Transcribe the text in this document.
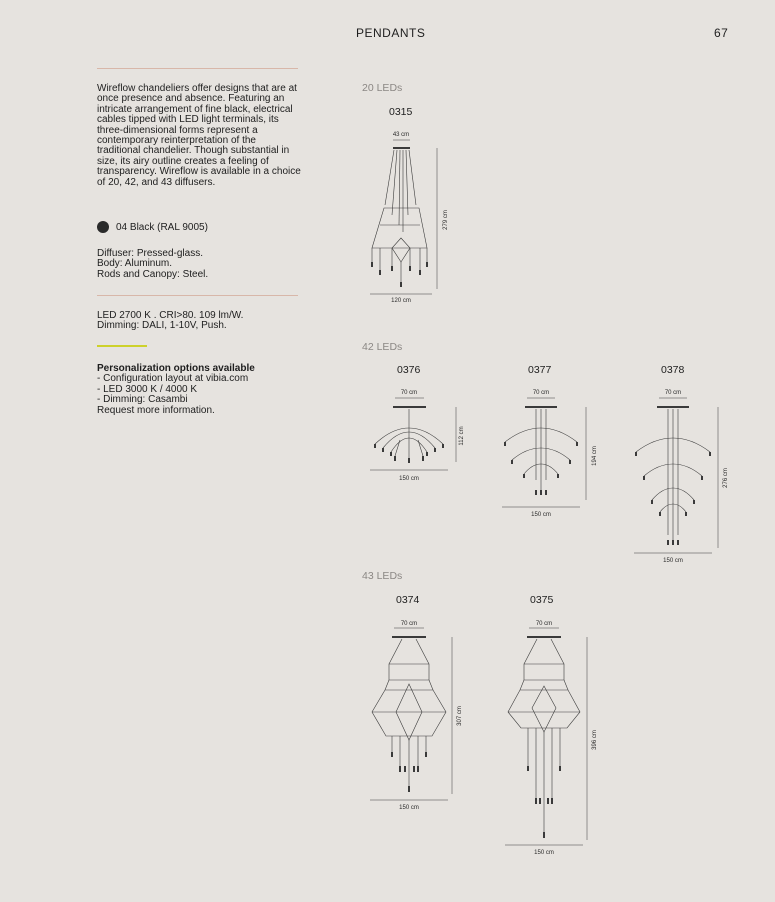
PENDANTS	67
Wireflow chandeliers offer designs that are at once presence and absence. Featuring an intricate arrangement of fine black, electrical cables tipped with LED light terminals, its three-dimensional forms represent a contemporary reinterpretation of the traditional chandelier. Though substantial in size, its airy outline creates a feeling of transparency. Wireflow is available in a choice of 20, 42, and 43 diffusers.
04 Black (RAL 9005)
Diffuser: Pressed-glass.
Body: Aluminum.
Rods and Canopy: Steel.
LED 2700 K . CRI>80. 109 lm/W.
Dimming: DALI, 1-10V, Push.
Personalization options available
- Configuration layout at vibia.com
- LED 3000 K / 4000 K
- Dimming: Casambi
Request more information.
20 LEDs
42 LEDs
43 LEDs
0315
0376	0377	0378
0374	0375
43 cm
279 cm
120 cm
70 cm
112 cm
150 cm
70 cm
194 cm
150 cm
70 cm
276 cm
150 cm
70 cm
307 cm
150 cm
70 cm
396 cm
150 cm
